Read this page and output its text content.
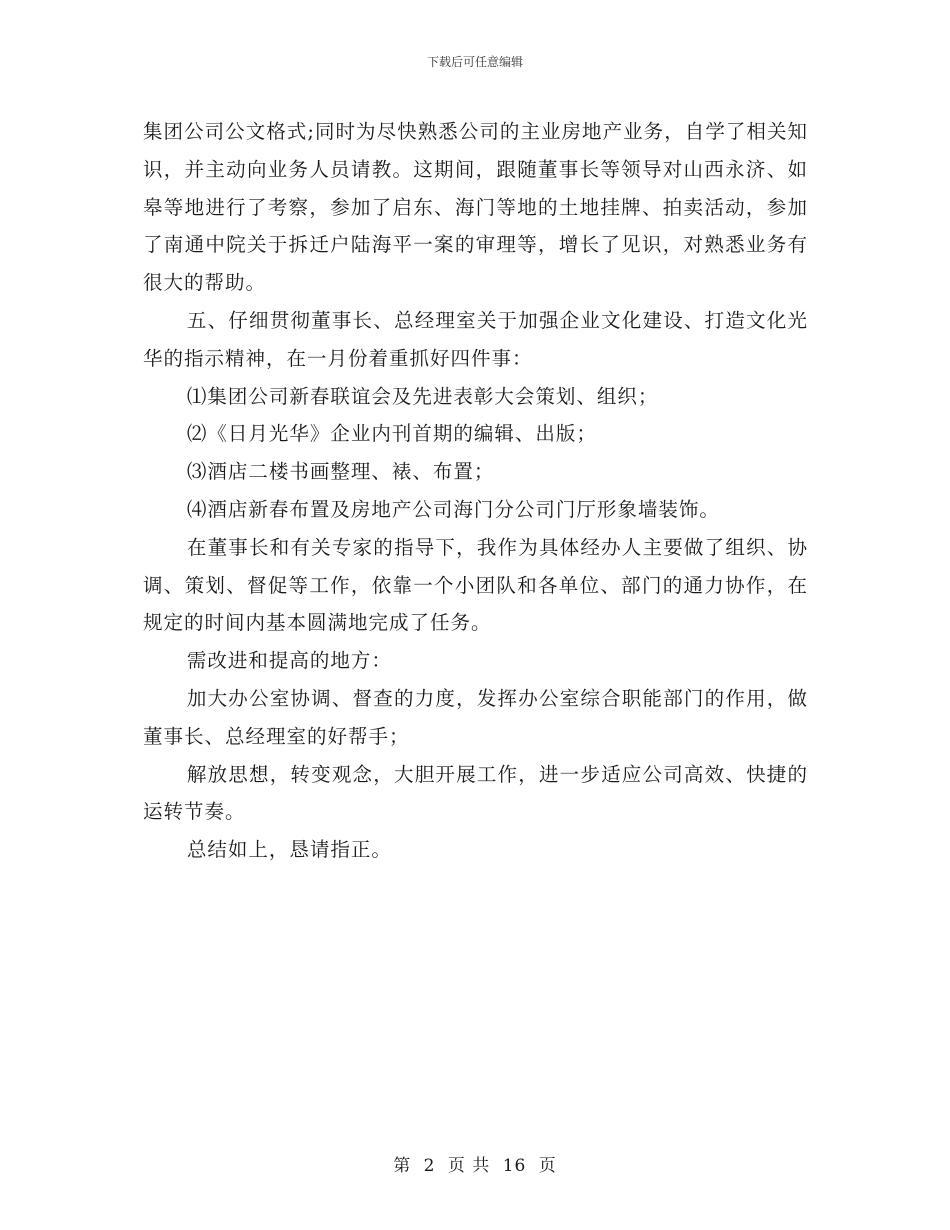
下载后可任意编辑

集团公司公文格式;同时为尽快熟悉公司的主业房地产业务，自学了相关知识，并主动向业务人员请教。这期间，跟随董事长等领导对山西永济、如皋等地进行了考察，参加了启东、海门等地的土地挂牌、拍卖活动，参加了南通中院关于拆迁户陆海平一案的审理等，增长了见识，对熟悉业务有很大的帮助。

五、仔细贯彻董事长、总经理室关于加强企业文化建设、打造文化光华的指示精神，在一月份着重抓好四件事：

⑴集团公司新春联谊会及先进表彰大会策划、组织；

⑵《日月光华》企业内刊首期的编辑、出版；

⑶酒店二楼书画整理、裱、布置；

⑷酒店新春布置及房地产公司海门分公司门厅形象墙装饰。

在董事长和有关专家的指导下，我作为具体经办人主要做了组织、协调、策划、督促等工作，依靠一个小团队和各单位、部门的通力协作，在规定的时间内基本圆满地完成了任务。

需改进和提高的地方：

加大办公室协调、督查的力度，发挥办公室综合职能部门的作用，做董事长、总经理室的好帮手；

解放思想，转变观念，大胆开展工作，进一步适应公司高效、快捷的运转节奏。

总结如上，恳请指正。

第 2 页 共 16 页
